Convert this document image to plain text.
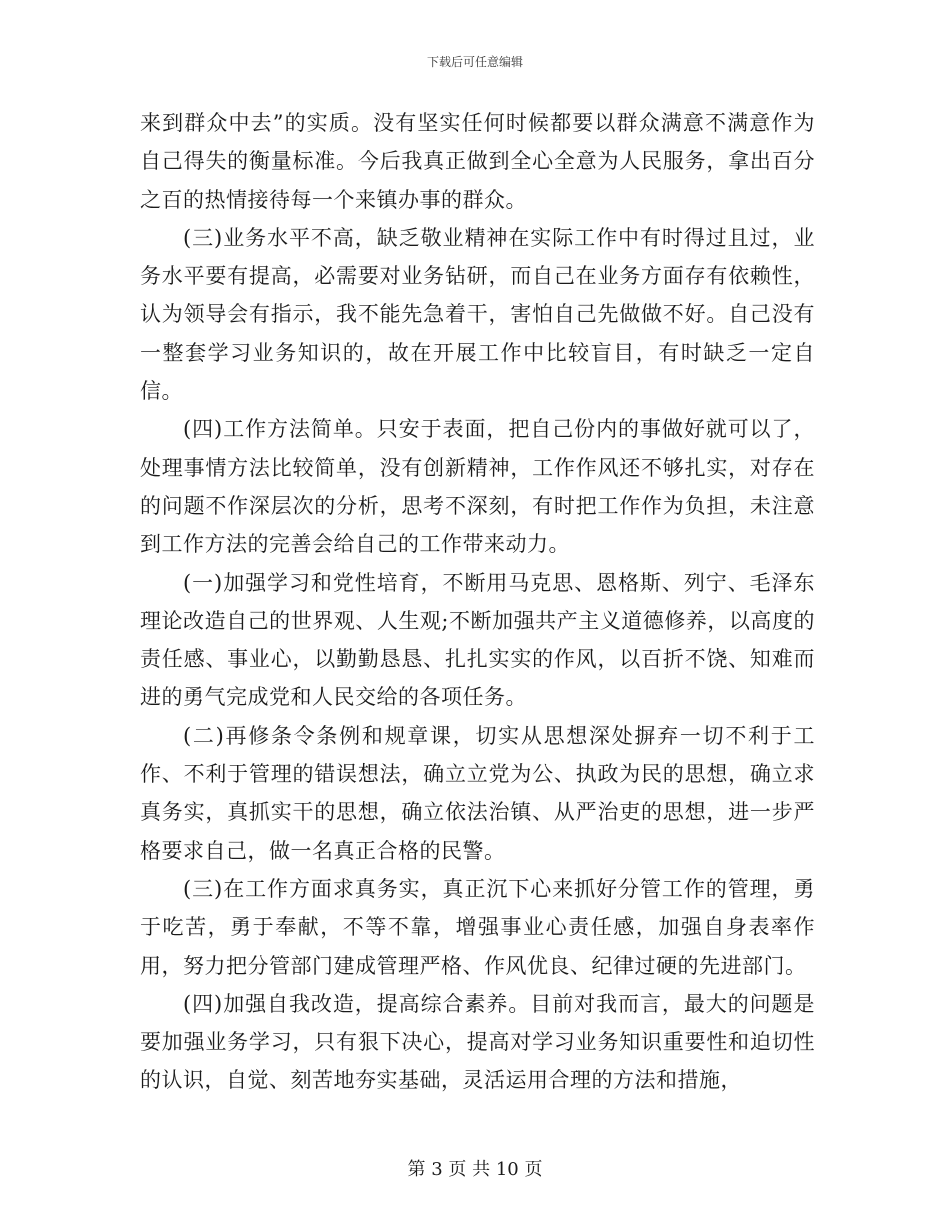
下载后可任意编辑

来到群众中去”的实质。没有坚实任何时候都要以群众满意不满意作为自己得失的衡量标准。今后我真正做到全心全意为人民服务，拿出百分之百的热情接待每一个来镇办事的群众。

(三)业务水平不高，缺乏敬业精神在实际工作中有时得过且过，业务水平要有提高，必需要对业务钻研，而自己在业务方面存有依赖性，认为领导会有指示，我不能先急着干，害怕自己先做做不好。自己没有一整套学习业务知识的，故在开展工作中比较盲目，有时缺乏一定自信。

(四)工作方法简单。只安于表面，把自己份内的事做好就可以了，处理事情方法比较简单，没有创新精神，工作作风还不够扎实，对存在的问题不作深层次的分析，思考不深刻，有时把工作作为负担，未注意到工作方法的完善会给自己的工作带来动力。

(一)加强学习和党性培育，不断用马克思、恩格斯、列宁、毛泽东理论改造自己的世界观、人生观;不断加强共产主义道德修养，以高度的责任感、事业心，以勤勤恳恳、扎扎实实的作风，以百折不饶、知难而进的勇气完成党和人民交给的各项任务。

(二)再修条令条例和规章课，切实从思想深处摒弃一切不利于工作、不利于管理的错误想法，确立立党为公、执政为民的思想，确立求真务实，真抓实干的思想，确立依法治镇、从严治吏的思想，进一步严格要求自己，做一名真正合格的民警。

(三)在工作方面求真务实，真正沉下心来抓好分管工作的管理，勇于吃苦，勇于奉献，不等不靠，增强事业心责任感，加强自身表率作用，努力把分管部门建成管理严格、作风优良、纪律过硬的先进部门。

(四)加强自我改造，提高综合素养。目前对我而言，最大的问题是要加强业务学习，只有狠下决心，提高对学习业务知识重要性和迫切性的认识，自觉、刻苦地夯实基础，灵活运用合理的方法和措施，

第 3 页 共 10 页
